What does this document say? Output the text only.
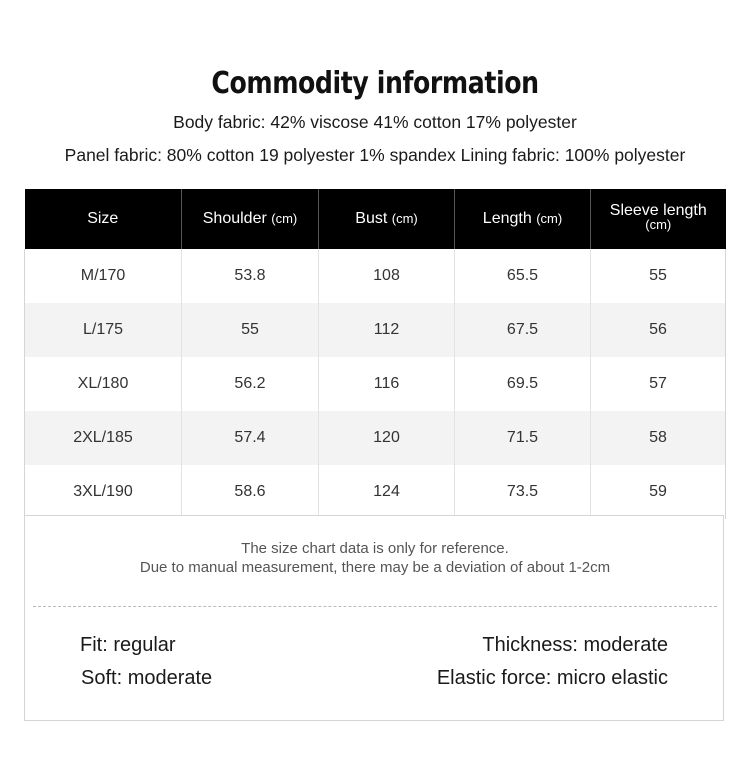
Commodity information
Body fabric: 42% viscose 41% cotton 17% polyester
Panel fabric: 80% cotton 19 polyester 1% spandex Lining fabric: 100% polyester
Size	Shoulder (cm)	Bust (cm)	Length (cm)	Sleeve length
(cm)

M/170	53.8	108	65.5	55
L/175	55	112	67.5	56
XL/180	56.2	116	69.5	57
2XL/185	57.4	120	71.5	58
3XL/190	58.6	124	73.5	59
The size chart data is only for reference.
Due to manual measurement, there may be a deviation of about 1-2cm
Fit: regular
Soft: moderate
Thickness: moderate
Elastic force: micro elastic
